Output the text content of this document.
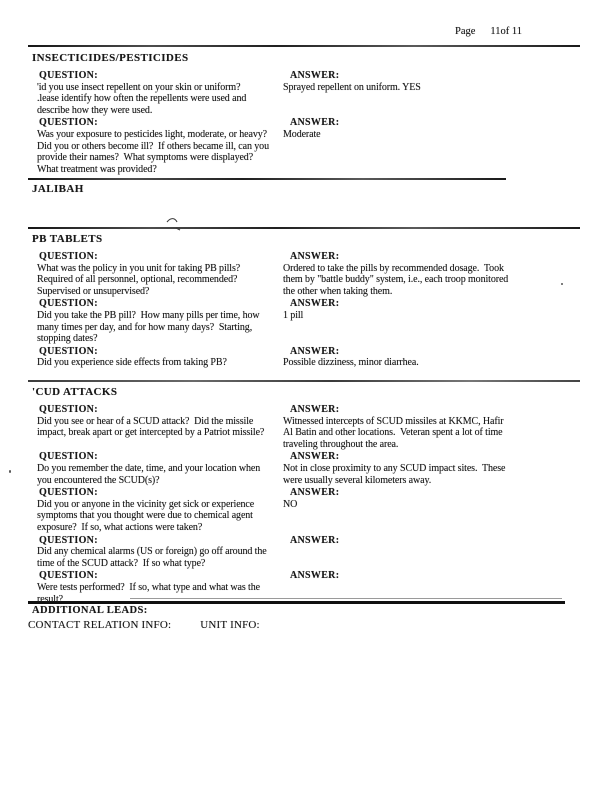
Page 11of 11
INSECTICIDES/PESTICIDES
QUESTION:
'id you use insect repellent on your skin or uniform?
.lease identify how often the repellents were used and
describe how they were used.
ANSWER:
Sprayed repellent on uniform. YES
QUESTION:
Was your exposure to pesticides light, moderate, or heavy?
Did you or others become ill?  If others became ill, can you
provide their names?  What symptoms were displayed?
What treatment was provided?
ANSWER:
Moderate
JALIBAH
PB TABLETS
QUESTION:
What was the policy in you unit for taking PB pills?
Required of all personnel, optional, recommended?
Supervised or unsupervised?
ANSWER:
Ordered to take the pills by recommended dosage.  Took
them by "battle buddy" system, i.e., each troop monitored
the other when taking them.
QUESTION:
Did you take the PB pill?  How many pills per time, how
many times per day, and for how many days?  Starting,
stopping dates?
ANSWER:
1 pill
QUESTION:
Did you experience side effects from taking PB?
ANSWER:
Possible dizziness, minor diarrhea.
'CUD ATTACKS
QUESTION:
Did you see or hear of a SCUD attack?  Did the missile
impact, break apart or get intercepted by a Patriot missile?
ANSWER:
Witnessed intercepts of SCUD missiles at KKMC, Hafir
Al Batin and other locations.  Veteran spent a lot of time
traveling throughout the area.
QUESTION:
Do you remember the date, time, and your location when
you encountered the SCUD(s)?
ANSWER:
Not in close proximity to any SCUD impact sites.  These
were usually several kilometers away.
QUESTION:
Did you or anyone in the vicinity get sick or experience
symptoms that you thought were due to chemical agent
exposure?  If so, what actions were taken?
ANSWER:
NO
QUESTION:
Did any chemical alarms (US or foreign) go off around the
time of the SCUD attack?  If so what type?
ANSWER:
QUESTION:
Were tests performed?  If so, what type and what was the
result?
ANSWER:
ADDITIONAL LEADS:
CONTACT RELATION INFO:	UNIT INFO:
